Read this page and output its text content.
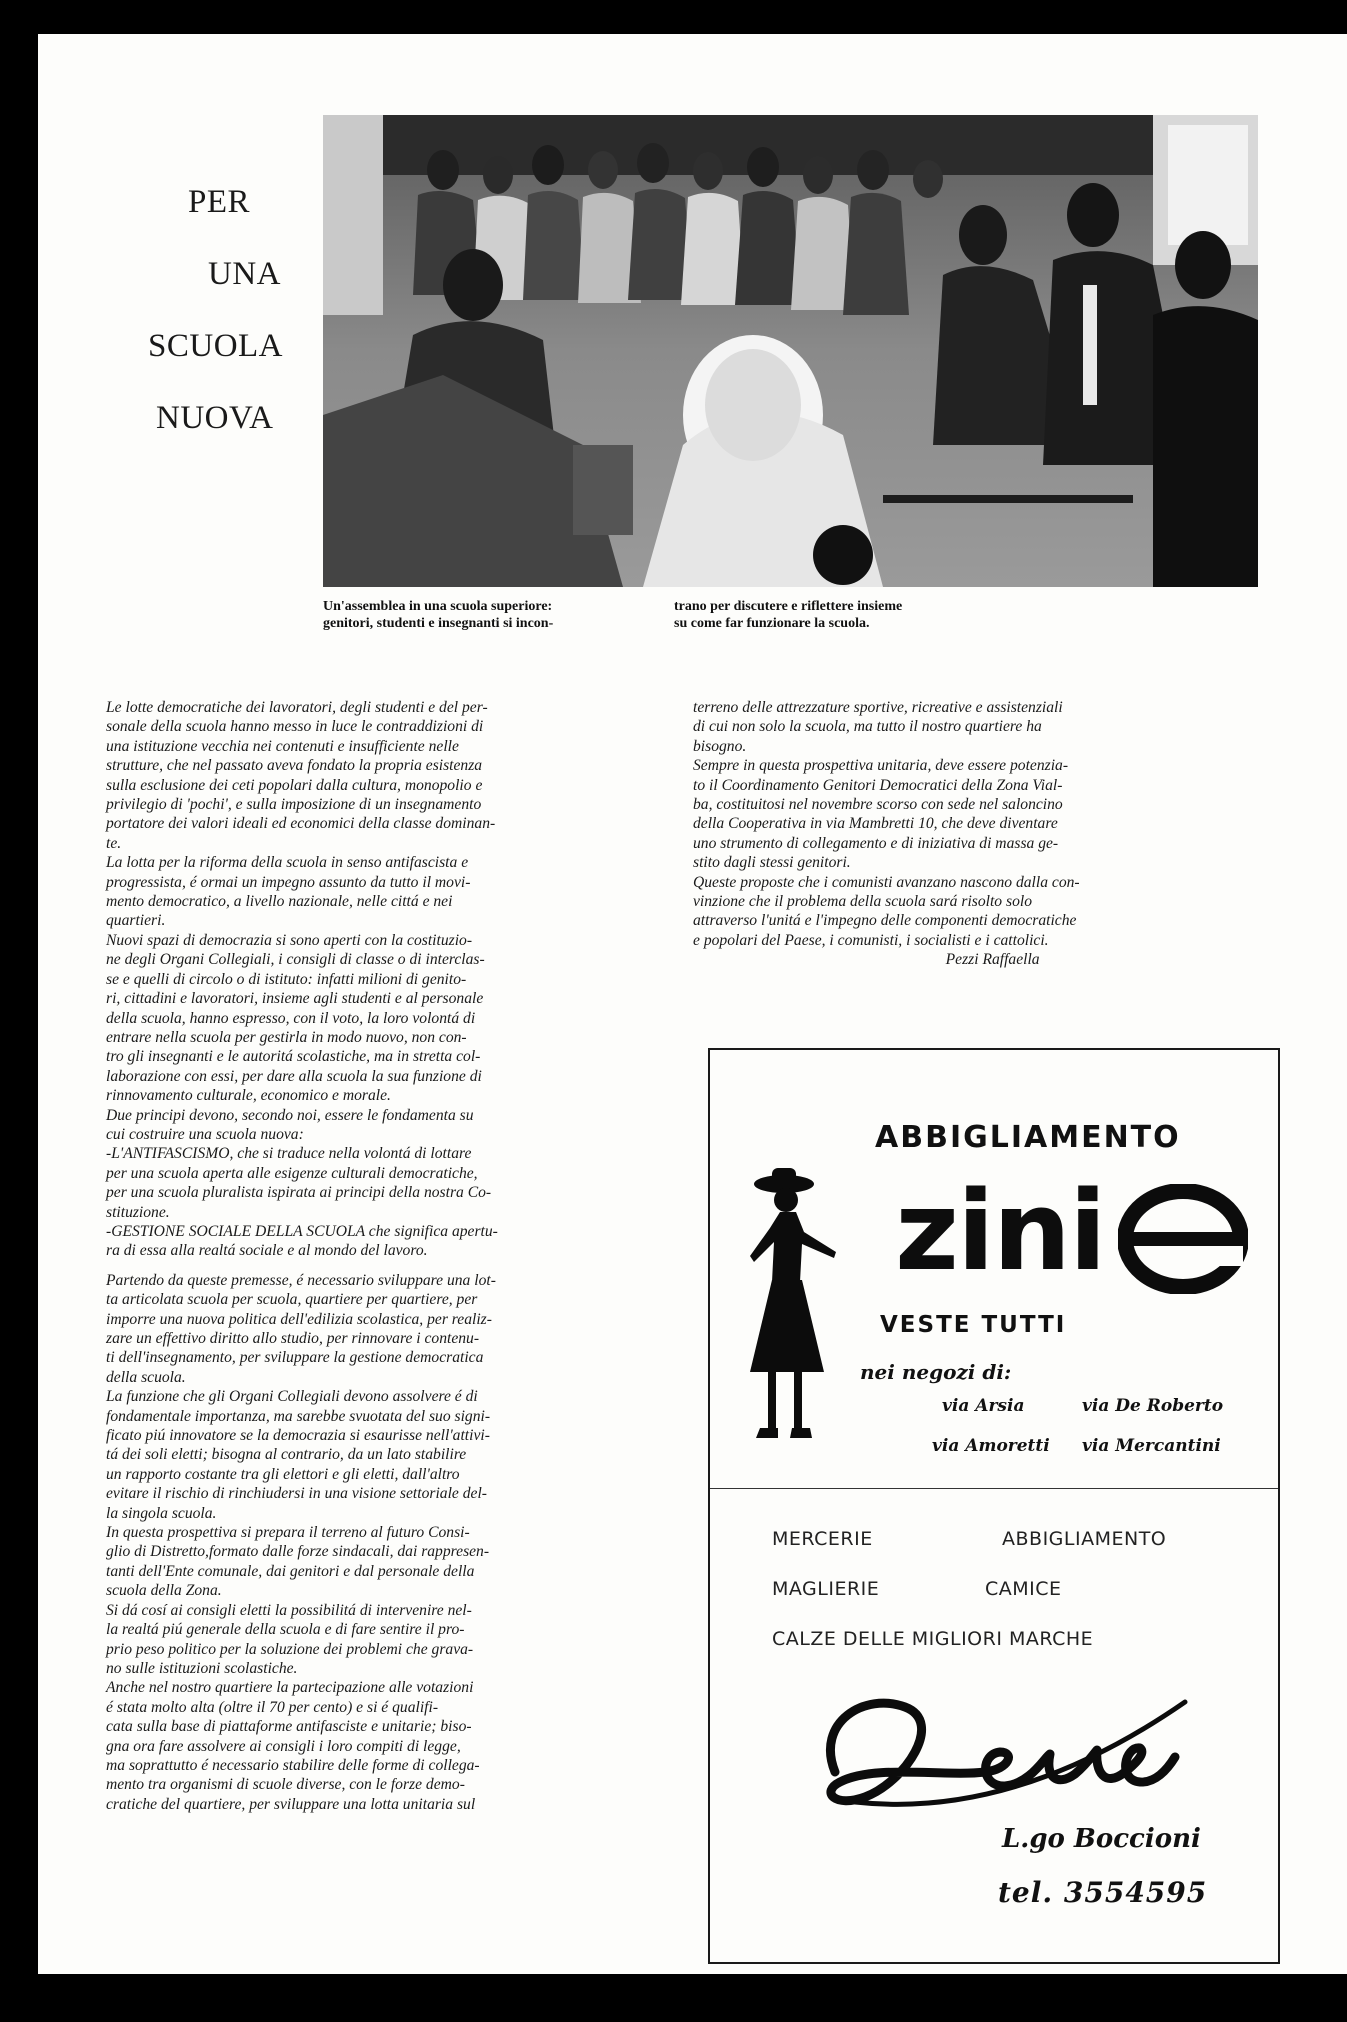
PER
UNA
SCUOLA
NUOVA
Un'assemblea in una scuola superiore:
genitori, studenti e insegnanti si incon-
trano per discutere e riflettere insieme
su come far funzionare la scuola.

Le lotte democratiche dei lavoratori, degli studenti e del per-

sonale della scuola hanno messo in luce le contraddizioni di

una istituzione vecchia nei contenuti e insufficiente nelle

strutture, che nel passato aveva fondato la propria esistenza

sulla esclusione dei ceti popolari dalla cultura, monopolio e

privilegio di 'pochi', e sulla imposizione di un insegnamento

portatore dei valori ideali ed economici della classe dominan-

te.

La lotta per la riforma della scuola in senso antifascista e

progressista, é ormai un impegno assunto da tutto il movi-

mento democratico, a livello nazionale, nelle cittá e nei

quartieri.

Nuovi spazi di democrazia si sono aperti con la costituzio-

ne degli Organi Collegiali, i consigli di classe o di interclas-

se e quelli di circolo o di istituto: infatti milioni di genito-

ri, cittadini e lavoratori, insieme agli studenti e al personale

della scuola, hanno espresso, con il voto, la loro volontá di

entrare nella scuola per gestirla in modo nuovo, non con-

tro gli insegnanti e le autoritá scolastiche, ma in stretta col-

laborazione con essi, per dare alla scuola la sua funzione di

rinnovamento culturale, economico e morale.

Due principi devono, secondo noi, essere le fondamenta su

cui costruire una scuola nuova:

-L'ANTIFASCISMO, che si traduce nella volontá di lottare

per una scuola aperta alle esigenze culturali democratiche,

per una scuola pluralista ispirata ai principi della nostra Co-

stituzione.

-GESTIONE SOCIALE DELLA SCUOLA che significa apertu-

ra di essa alla realtá sociale e al mondo del lavoro.

Partendo da queste premesse, é necessario sviluppare una lot-

ta articolata scuola per scuola, quartiere per quartiere, per

imporre una nuova politica dell'edilizia scolastica, per realiz-

zare un effettivo diritto allo studio, per rinnovare i contenu-

ti dell'insegnamento, per sviluppare la gestione democratica

della scuola.

La funzione che gli Organi Collegiali devono assolvere é di

fondamentale importanza, ma sarebbe svuotata del suo signi-

ficato piú innovatore se la democrazia si esaurisse nell'attivi-

tá dei soli eletti; bisogna al contrario, da un lato stabilire

un rapporto costante tra gli elettori e gli eletti, dall'altro

evitare il rischio di rinchiudersi in una visione settoriale del-

la singola scuola.

In questa prospettiva si prepara il terreno al futuro Consi-

glio di Distretto,formato dalle forze sindacali, dai rappresen-

tanti dell'Ente comunale, dai genitori e dal personale della

scuola della Zona.

Si dá cosí ai consigli eletti la possibilitá di intervenire nel-

la realtá piú generale della scuola e di fare sentire il pro-

prio peso politico per la soluzione dei problemi che grava-

no sulle istituzioni scolastiche.

Anche nel nostro quartiere la partecipazione alle votazioni

é stata molto alta (oltre il 70 per cento) e si é qualifi-

cata sulla base di piattaforme antifasciste e unitarie; biso-

gna ora fare assolvere ai consigli i loro compiti di legge,

ma soprattutto é necessario stabilire delle forme di collega-

mento tra organismi di scuole diverse, con le forze demo-

cratiche del quartiere, per sviluppare una lotta unitaria sul

terreno delle attrezzature sportive, ricreative e assistenziali

di cui non solo la scuola, ma tutto il nostro quartiere ha

bisogno.

Sempre in questa prospettiva unitaria, deve essere potenzia-

to il Coordinamento Genitori Democratici della Zona Vial-

ba, costituitosi nel novembre scorso con sede nel saloncino

della Cooperativa in via Mambretti 10, che deve diventare

uno strumento di collegamento e di iniziativa di massa ge-

stito dagli stessi genitori.

Queste proposte che i comunisti avanzano nascono dalla con-

vinzione che il problema della scuola sará risolto solo

attraverso l'unitá e l'impegno delle componenti democratiche

e popolari del Paese, i comunisti, i socialisti e i cattolici.

Pezzi Raffaella

ABBIGLIAMENTO
zini
VESTE TUTTI
nei negozi di:
via Arsia	via De Roberto
via Amoretti via Mercantini
MERCERIE	ABBIGLIAMENTO
MAGLIERIE	CAMICE
CALZE DELLE MIGLIORI MARCHE
L.go Boccioni
tel. 3554595
